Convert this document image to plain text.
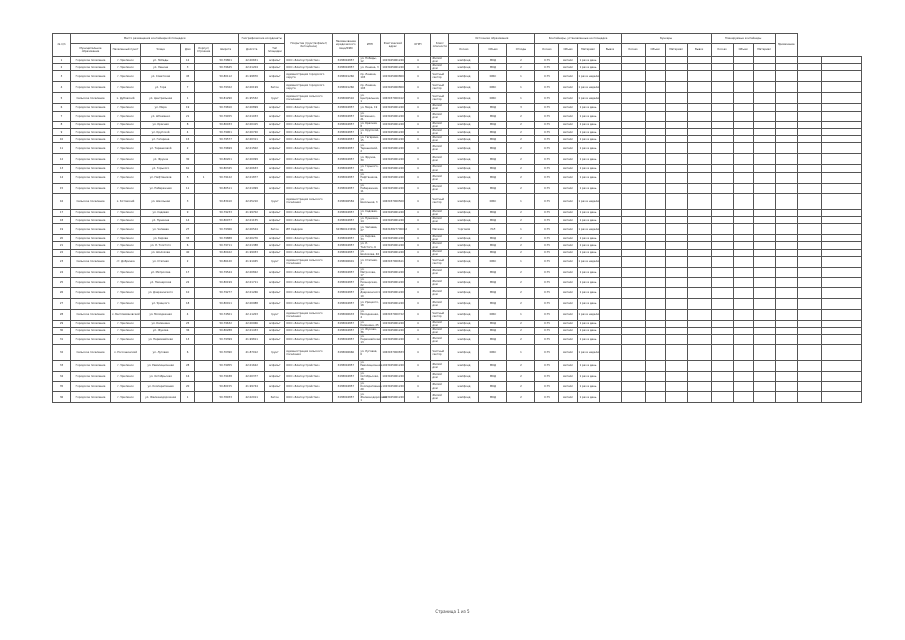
№ п/п	Место размещения контейнерной площадки						Географические координаты		Покрытие (грунт/асфальт/бетон/иное)	Наименование юридического лица/ФИО	ИНН	Фактический адрес	ОГРН	Класс опасности	Источники образования			Контейнеры, установленные на площадке				Бункеры				Планируемые контейнеры			Примечание		
	Муниципальное образование	Населенный пункт	Улица	Дом	Корпус/Строение	Широта	Долгота	Тип площадки							Кол-во	Объем	Отходы	Кол-во	Объем	Материал	Вывоз	Кол-во	Объем	Материал	Вывоз	Кол-во	Объем	Материал			
1	Городское поселение	г. Урюпинск	ул. Победы	12		50.79801	42.00651	асфальт	ООО «Благоустройство»	3438004857	ул. Победы, 12	1023405961240	4	Жилой дом	жилфонд	МКД	2	0.75	металл	1 раз в день											
2	Городское поселение	г. Урюпинск	ул. Ленина	3		50.79645	42.01204	асфальт	ООО «Благоустройство»	3438004857	ул. Ленина, 3	1023405961240	4	Жилой дом	жилфонд	МКД	2	0.75	металл	1 раз в день											
3	Городское поселение	г. Урюпинск	ул. Советская	45		50.80112	41.99870	асфальт	Администрация городского округа	3438001260	пр. Ленина, 103	1023405960800	4	Частный сектор	жилфонд	ИЖС	1	0.75	металл	1 раз в неделю											
4	Городское поселение	г. Урюпинск	ул. Гора	7		50.79322	42.00199	бетон	Администрация городского округа	3438001260	пр. Ленина, 103	1023405960800	4	Частный сектор	жилфонд	ИЖС	1	0.75	металл	1 раз в неделю											
5	Сельское поселение	х. Дубовский	ул. Центральная	1		50.81290	41.95532	грунт	Администрация сельского поселения	3438006510	ул. Центральная, 1	1063457000412	4	Частный сектор	жилфонд	ИЖС	1	0.75	металл	1 раз в неделю											
6	Городское поселение	г. Урюпинск	ул. Мира	19		50.79810	42.00899	асфальт	ООО «Благоустройство»	3438004857	ул. Мира, 19	1023405961240	4	Жилой дом	жилфонд	МКД	3	0.75	металл	1 раз в день											
7	Городское поселение	г. Урюпинск	ул. Штеменко	21		50.79455	42.01033	асфальт	ООО «Благоустройство»	3438004857	ул. Штеменко, 21	1023405961240	4	Жилой дом	жилфонд	МКД	2	0.75	металл	1 раз в день											
8	Городское поселение	г. Урюпинск	ул. Красная	8		50.80033	42.00415	асфальт	ООО «Благоустройство»	3438004857	ул. Красная, 8	1023405961240	4	Жилой дом	жилфонд	МКД	2	0.75	металл	1 раз в день											
9	Городское поселение	г. Урюпинск	ул. Крупской	4		50.79901	42.00720	асфальт	ООО «Благоустройство»	3438004857	ул. Крупской, 4	1023405961240	4	Жилой дом	жилфонд	МКД	2	0.75	металл	1 раз в день											
10	Городское поселение	г. Урюпинск	ул. Гагарина	15		50.79577	42.00311	асфальт	ООО «Благоустройство»	3438004857	ул. Гагарина, 15	1023405961240	4	Жилой дом	жилфонд	МКД	2	0.75	металл	1 раз в день											
11	Городское поселение	г. Урюпинск	ул. Терешковой	2		50.79699	42.01502	асфальт	ООО «Благоустройство»	3438004857	ул. Терешковой, 2	1023405961240	4	Жилой дом	жилфонд	МКД	2	0.75	металл	1 раз в день											
12	Городское поселение	г. Урюпинск	ул. Фрунзе	30		50.80201	42.00099	асфальт	ООО «Благоустройство»	3438004857	ул. Фрунзе, 30	1023405961240	4	Жилой дом	жилфонд	МКД	2	0.75	металл	1 раз в день											
13	Городское поселение	г. Урюпинск	ул. Горького	61		50.80345	42.00633	асфальт	ООО «Благоустройство»	3438004857	ул. Горького, 61	1023405961240	4	Жилой дом	жилфонд	МКД	2	0.75	металл	1 раз в день											
14	Городское поселение	г. Урюпинск	ул. Нефтяников	5	1	50.79122	42.01877	асфальт	ООО «Благоустройство»	3438004857	ул. Нефтяников, 5	1023405961240	4	Жилой дом	жилфонд	МКД	2	0.75	металл	1 раз в день											
15	Городское поселение	г. Урюпинск	ул. Набережная	11		50.80511	42.01999	асфальт	ООО «Благоустройство»	3438004857	ул. Набережная, 11	1023405961240	4	Жилой дом	жилфонд	МКД	2	0.75	металл	1 раз в день											
16	Сельское поселение	х. Котовский	ул. Школьная	3		50.83410	42.05210	грунт	Администрация сельского поселения	3438006584	ул. Школьная, 3	1063457000500	4	Частный сектор	жилфонд	ИЖС	1	0.75	металл	1 раз в неделю											
17	Городское поселение	г. Урюпинск	ул. Садовая	9		50.79233	41.99702	асфальт	ООО «Благоустройство»	3438004857	ул. Садовая, 9	1023405961240	4	Жилой дом	жилфонд	МКД	2	0.75	металл	1 раз в день											
18	Городское поселение	г. Урюпинск	ул. Пушкина	14		50.80077	42.01155	асфальт	ООО «Благоустройство»	3438004857	ул. Пушкина, 14	1023405961240	4	Жилой дом	жилфонд	МКД	2	0.75	металл	1 раз в день											
19	Городское поселение	г. Урюпинск	ул. Чапаева	27		50.79366	42.00544	бетон	ИП Сидоров	343800123456	ул. Чапаева, 27	304343827700012	4	Магазин	торговля	ЮЛ	1	0.75	металл	1 раз в неделю											
20	Городское поселение	г. Урюпинск	ул. Кирова	33		50.79888	42.00276	асфальт	ООО «Благоустройство»	3438004857	ул. Кирова, 33	1023405961240	4	Жилой дом	жилфонд	МКД	2	0.75	металл	1 раз в день											
21	Городское поселение	г. Урюпинск	ул. Л. Толстого	6		50.79711	42.01388	асфальт	ООО «Благоустройство»	3438004857	ул. Л. Толстого, 6	1023405961240	4	Жилой дом	жилфонд	МКД	2	0.75	металл	1 раз в день											
22	Городское поселение	г. Урюпинск	ул. Шолохова	40		50.80422	41.99933	асфальт	ООО «Благоустройство»	3438004857	ул. Шолохова, 40	1023405961240	4	Жилой дом	жилфонд	МКД	2	0.75	металл	1 раз в день											
23	Сельское поселение	ст. Добринка	ул. Степная	2		50.86120	41.91045	грунт	Администрация сельского поселения	3438006601	ул. Степная, 2	1063457000611	4	Частный сектор	жилфонд	ИЖС	1	0.75	металл	1 раз в неделю											
24	Городское поселение	г. Урюпинск	ул. Матросова	17		50.79544	42.00822	асфальт	ООО «Благоустройство»	3438004857	ул. Матросова, 17	1023405961240	4	Жилой дом	жилфонд	МКД	2	0.75	металл	1 раз в день											
25	Городское поселение	г. Урюпинск	ул. Пионерская	22		50.80199	42.01711	асфальт	ООО «Благоустройство»	3438004857	ул. Пионерская, 22	1023405961240	4	Жилой дом	жилфонд	МКД	2	0.75	металл	1 раз в день											
26	Городское поселение	г. Урюпинск	ул. Дзержинского	10		50.79277	42.01266	асфальт	ООО «Благоустройство»	3438004857	ул. Дзержинского, 10	1023405961240	4	Жилой дом	жилфонд	МКД	2	0.75	металл	1 раз в день											
27	Городское поселение	г. Урюпинск	ул. Урицкого	18		50.80011	42.00988	асфальт	ООО «Благоустройство»	3438004857	ул. Урицкого, 18	1023405961240	4	Жилой дом	жилфонд	МКД	2	0.75	металл	1 раз в день											
28	Сельское поселение	х. Бесплемяновский	ул. Молодежная	4		50.74501	42.11203	грунт	Администрация сельского поселения	3438006633	ул. Молодежная, 4	1063457000722	4	Частный сектор	жилфонд	ИЖС	1	0.75	металл	1 раз в неделю											
29	Городское поселение	г. Урюпинск	ул. Калинина	25		50.79632	42.00066	асфальт	ООО «Благоустройство»	3438004857	ул. Калинина, 25	1023405961240	4	Жилой дом	жилфонд	МКД	2	0.75	металл	1 раз в день											
30	Городское поселение	г. Урюпинск	ул. Жукова	36		50.80288	42.01433	асфальт	ООО «Благоустройство»	3438004857	ул. Жукова, 36	1023405961240	4	Жилой дом	жилфонд	МКД	2	0.75	металл	1 раз в день											
31	Городское поселение	г. Урюпинск	ул. Первомайская	13		50.79399	41.99811	асфальт	ООО «Благоустройство»	3438004857	ул. Первомайская, 13	1023405961240	4	Жилой дом	жилфонд	МКД	2	0.75	металл	1 раз в день											
32	Сельское поселение	х. Россошинский	ул. Луговая	6		50.70390	41.87012	грунт	Администрация сельского поселения	3438006666	ул. Луговая, 6	1063457000833	4	Частный сектор	жилфонд	ИЖС	1	0.75	металл	1 раз в неделю											
33	Городское поселение	г. Урюпинск	ул. Революционная	28		50.79955	42.01622	асфальт	ООО «Благоустройство»	3438004857	ул. Революционная, 28	1023405961240	4	Жилой дом	жилфонд	МКД	2	0.75	металл	1 раз в день											
34	Городское поселение	г. Урюпинск	ул. Октябрьская	16		50.79188	42.00377	асфальт	ООО «Благоустройство»	3438004857	ул. Октябрьская, 16	1023405961240	4	Жилой дом	жилфонд	МКД	2	0.75	металл	1 раз в день											
35	Городское поселение	г. Урюпинск	ул. Кооперативная	20		50.80155	41.99744	асфальт	ООО «Благоустройство»	3438004857	ул. Кооперативная, 20	1023405961240	4	Жилой дом	жилфонд	МКД	2	0.75	металл	1 раз в день											
36	Городское поселение	г. Урюпинск	ул. Железнодорожная	1		50.78933	42.02011	бетон	ООО «Благоустройство»	3438004857	ул. Железнодорожная, 1	1023405961240	4	Жилой дом	жилфонд	МКД	2	0.75	металл	1 раз в день											
Страница 1 из 5
